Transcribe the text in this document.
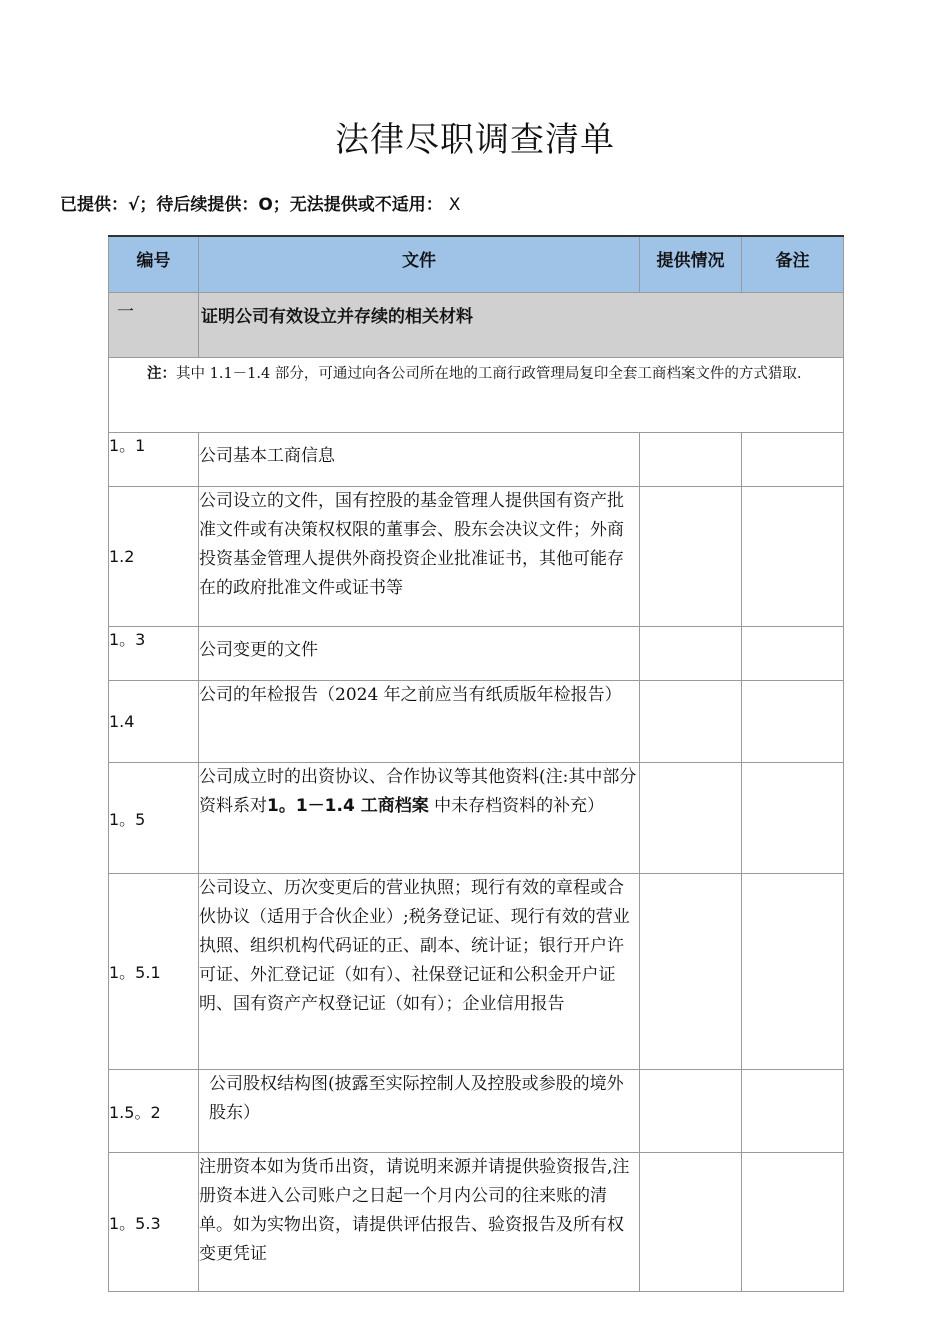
法律尽职调查清单
已提供：√；待后续提供：O；无法提供或不适用： X
编号	文件	提供情况	备注

一	证明公司有效设立并存续的相关材料		
注：其中 1.1－1.4 部分，可通过向各公司所在地的工商行政管理局复印全套工商档案文件的方式猎取.			
1。1	公司基本工商信息		
1.2	公司设立的文件，国有控股的基金管理人提供国有资产批准文件或有决策权权限的董事会、股东会决议文件；外商投资基金管理人提供外商投资企业批准证书，其他可能存在的政府批准文件或证书等		
1。3	公司变更的文件		
1.4	公司的年检报告（2024 年之前应当有纸质版年检报告）		
1。5	公司成立时的出资协议、合作协议等其他资料(注:其中部分资料系对1。1－1.4 工商档案 中未存档资料的补充）		
1。5.1	公司设立、历次变更后的营业执照；现行有效的章程或合伙协议（适用于合伙企业）;税务登记证、现行有效的营业执照、组织机构代码证的正、副本、统计证；银行开户许可证、外汇登记证（如有）、社保登记证和公积金开户证明、国有资产产权登记证（如有）；企业信用报告		
1.5。2	公司股权结构图(披露至实际控制人及控股或参股的境外股东）		
1。5.3	注册资本如为货币出资，请说明来源并请提供验资报告,注册资本进入公司账户之日起一个月内公司的往来账的清单。如为实物出资，请提供评估报告、验资报告及所有权变更凭证		
